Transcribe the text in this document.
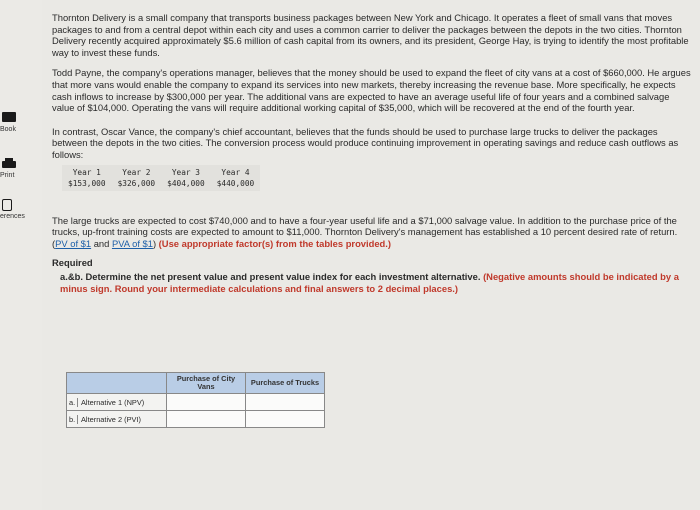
Book
Print
erences

Thornton Delivery is a small company that transports business packages between New York and Chicago. It operates a fleet of small vans that moves packages to and from a central depot within each city and uses a common carrier to deliver the packages between the depots in the two cities. Thornton Delivery recently acquired approximately $5.6 million of cash capital from its owners, and its president, George Hay, is trying to identify the most profitable way to invest these funds.

Todd Payne, the company's operations manager, believes that the money should be used to expand the fleet of city vans at a cost of $660,000. He argues that more vans would enable the company to expand its services into new markets, thereby increasing the revenue base. More specifically, he expects cash inflows to increase by $300,000 per year. The additional vans are expected to have an average useful life of four years and a combined salvage value of $104,000. Operating the vans will require additional working capital of $35,000, which will be recovered at the end of the fourth year.

In contrast, Oscar Vance, the company's chief accountant, believes that the funds should be used to purchase large trucks to deliver the packages between the depots in the two cities. The conversion process would produce continuing improvement in operating savings and reduce cash outflows as follows:

Year 1	Year 2	Year 3	Year 4
$153,000	$326,000	$404,000	$440,000

The large trucks are expected to cost $740,000 and to have a four-year useful life and a $71,000 salvage value. In addition to the purchase price of the trucks, up-front training costs are expected to amount to $11,000. Thornton Delivery's management has established a 10 percent desired rate of return. (PV of $1 and PVA of $1) (Use appropriate factor(s) from the tables provided.)

Required
a.&b. Determine the net present value and present value index for each investment alternative. (Negative amounts should be indicated by a minus sign. Round your intermediate calculations and final answers to 2 decimal places.)
	Purchase of City Vans	Purchase of Trucks
a. Alternative 1 (NPV)		
b. Alternative 2 (PVI)		
